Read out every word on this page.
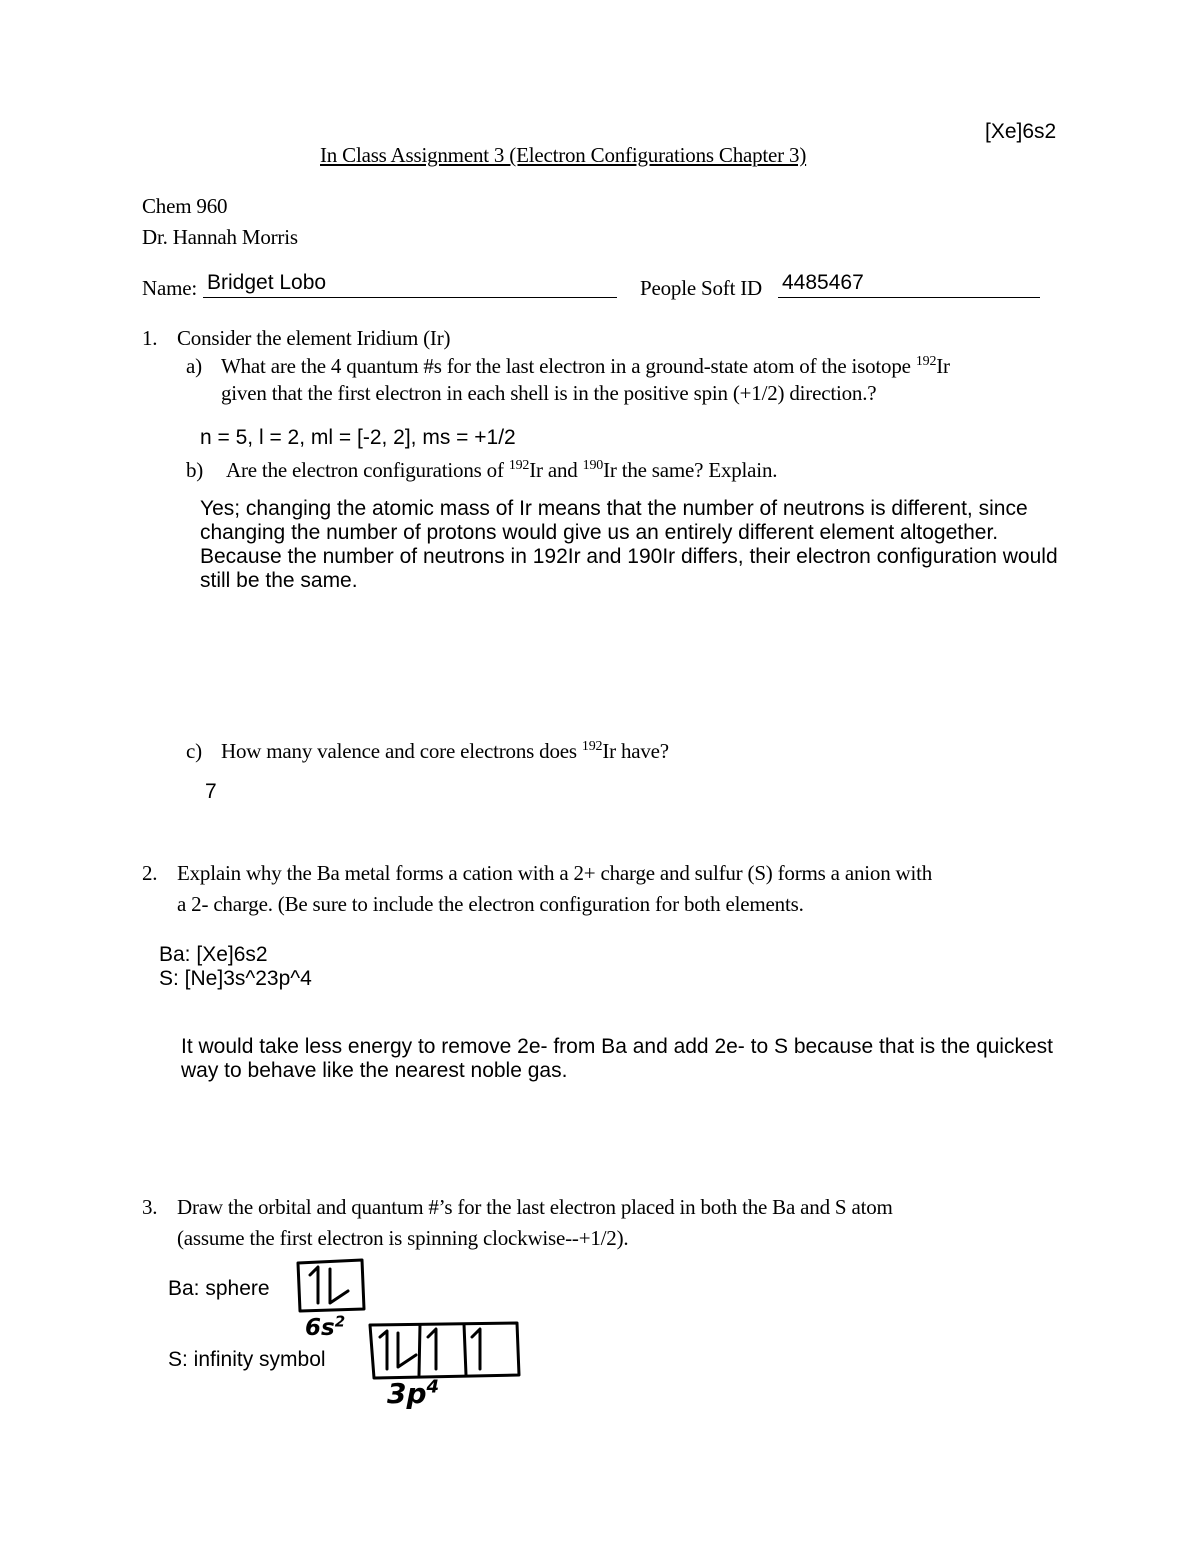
[Xe]6s2
In Class Assignment 3 (Electron Configurations Chapter 3)
Chem 960
Dr. Hannah Morris
Name: Bridget Lobo	People Soft ID 4485467
1. Consider the element Iridium (Ir)
a) What are the 4 quantum #s for the last electron in a ground-state atom of the isotope $^{192}$Ir
given that the first electron in each shell is in the positive spin (+1/2) direction.?
n = 5, l = 2, ml = [-2, 2], ms = +1/2
b) Are the electron configurations of $^{192}$Ir and $^{190}$Ir the same? Explain.
Yes; changing the atomic mass of Ir means that the number of neutrons is different, since
changing the number of protons would give us an entirely different element altogether.
Because the number of neutrons in 192Ir and 190Ir differs, their electron configuration would
still be the same.
c) How many valence and core electrons does $^{192}$Ir have?
7
2. Explain why the Ba metal forms a cation with a 2+ charge and sulfur (S) forms a anion with
a 2- charge. (Be sure to include the electron configuration for both elements.
Ba: [Xe]6s2
S: [Ne]3s^23p^4
It would take less energy to remove 2e- from Ba and add 2e- to S because that is the quickest
way to behave like the nearest noble gas.
3. Draw the orbital and quantum #’s for the last electron placed in both the Ba and S atom
(assume the first electron is spinning clockwise--+1/2).
Ba: sphere
S: infinity symbol
$6s^2$
$3p^4$
